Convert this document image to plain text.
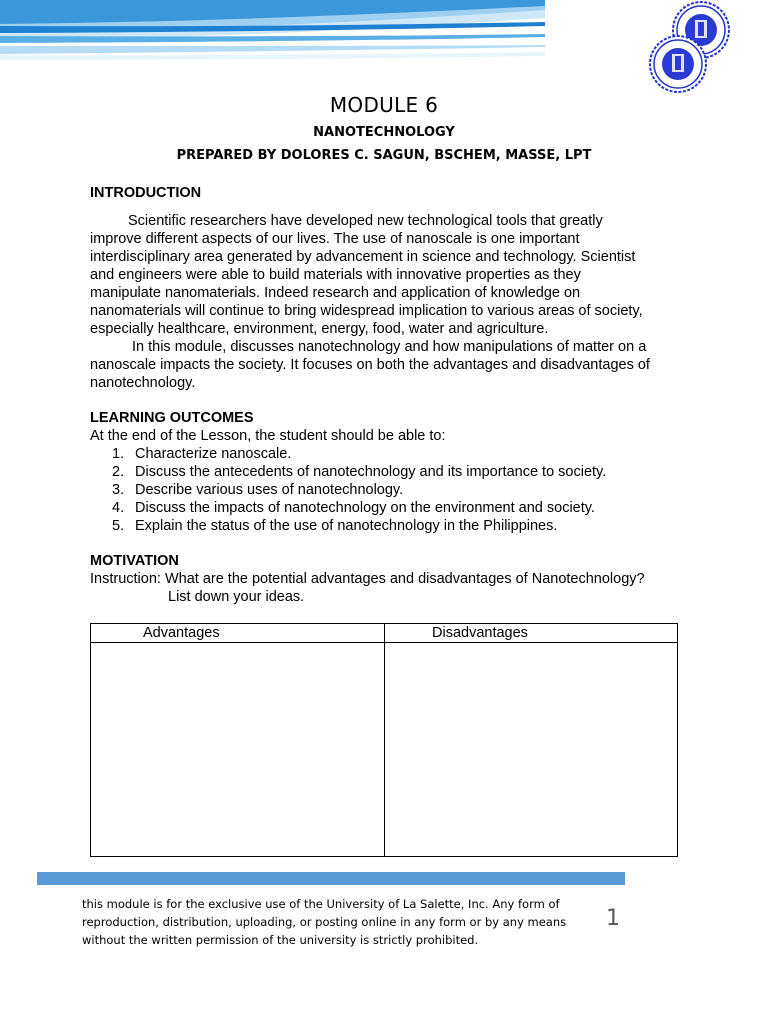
MODULE 6
NANOTECHNOLOGY
PREPARED BY DOLORES C. SAGUN, BSCHEM, MASSE, LPT
INTRODUCTION
Scientific researchers have developed new technological tools that greatly
improve different aspects of our lives. The use of nanoscale is one important
interdisciplinary area generated by advancement in science and technology. Scientist
and engineers were able to build materials with innovative properties as they
manipulate nanomaterials. Indeed research and application of knowledge on
nanomaterials will continue to bring widespread implication to various areas of society,
especially healthcare, environment, energy, food, water and agriculture.
In this module, discusses nanotechnology and how manipulations of matter on a
nanoscale impacts the society. It focuses on both the advantages and disadvantages of
nanotechnology.
LEARNING OUTCOMES
At the end of the Lesson, the student should be able to:
1. Characterize nanoscale.
2. Discuss the antecedents of nanotechnology and its importance to society.
3. Describe various uses of nanotechnology.
4. Discuss the impacts of nanotechnology on the environment and society.
5. Explain the status of the use of nanotechnology in the Philippines.
MOTIVATION
Instruction: What are the potential advantages and disadvantages of Nanotechnology?
List down your ideas.
Advantages	Disadvantages
this module is for the exclusive use of the University of La Salette, Inc. Any form of
reproduction, distribution, uploading, or posting online in any form or by any means
without the written permission of the university is strictly prohibited.
1
